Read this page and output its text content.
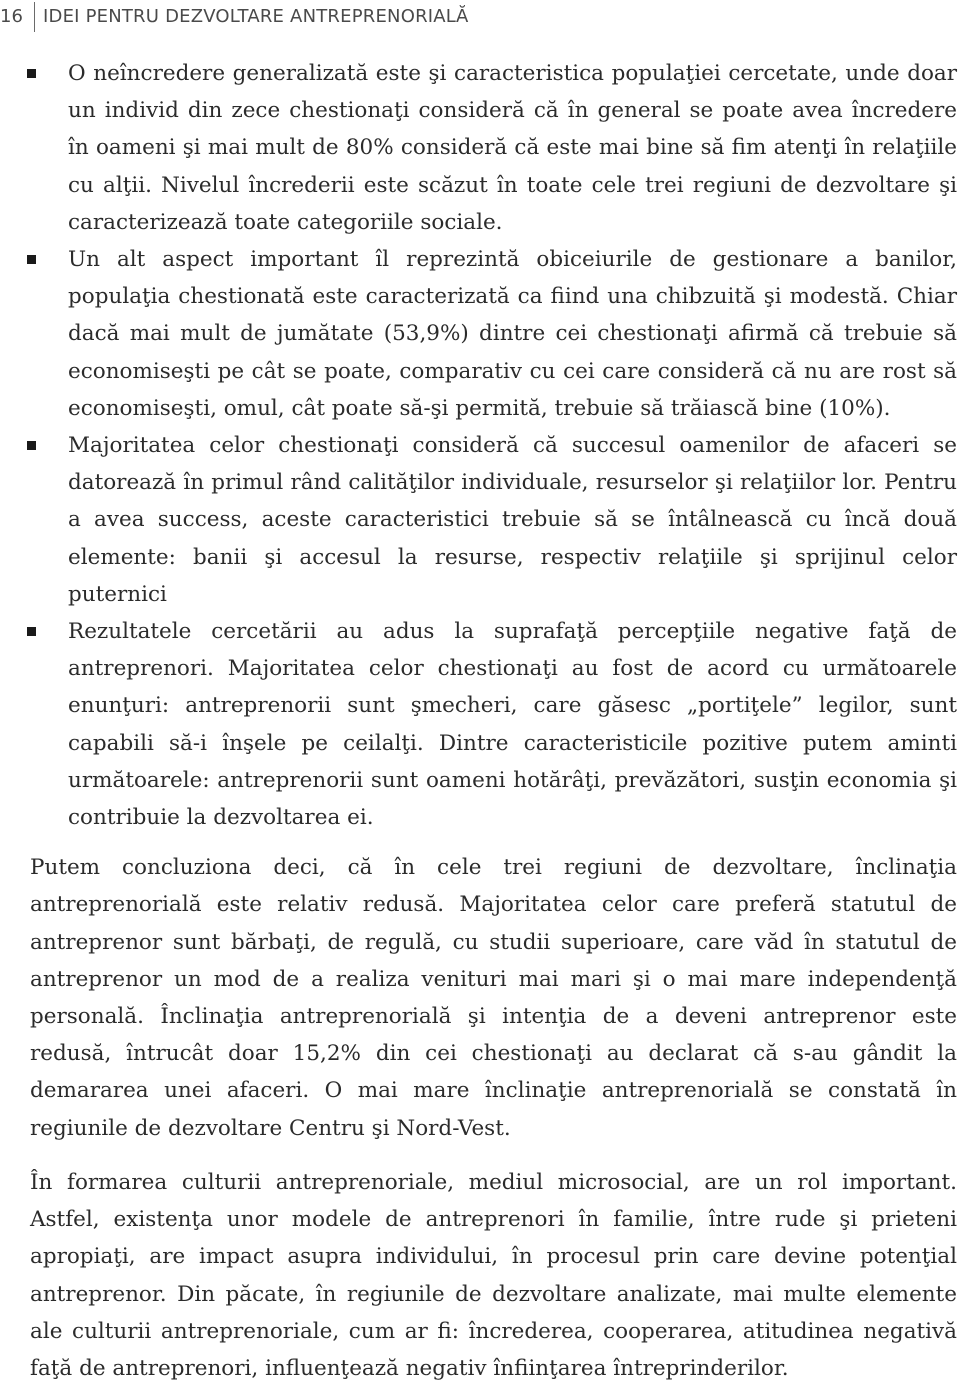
16	IDEI PENTRU DEZVOLTARE ANTREPRENORIALĂ
O neîncredere generalizată este şi caracteristica populaţiei cercetate, unde doar un individ din zece chestionaţi consideră că în general se poate avea încredere în oameni şi mai mult de 80% consideră că este mai bine să fim atenţi în relaţiile cu alţii. Nivelul încrederii este scăzut în toate cele trei regiuni de dezvoltare şi caracterizează toate categoriile sociale.
Un alt aspect important îl reprezintă obiceiurile de gestionare a banilor, populaţia chestionată este caracterizată ca fiind una chibzuită şi modestă. Chiar dacă mai mult de jumătate (53,9%) dintre cei chestionaţi afirmă că trebuie să economiseşti pe cât se poate, comparativ cu cei care consideră că nu are rost să economiseşti, omul, cât poate să-şi permită, trebuie să trăiască bine (10%).
Majoritatea celor chestionaţi consideră că succesul oamenilor de afaceri se datorează în primul rând calităţilor individuale, resurselor şi relaţiilor lor. Pentru a avea success, aceste caracteristici trebuie să se întâlnească cu încă două elemente: banii şi accesul la resurse, respectiv relaţiile şi sprijinul celor puternici
Rezultatele cercetării au adus la suprafaţă percepţiile negative faţă de antreprenori. Majoritatea celor chestionaţi au fost de acord cu următoarele enunţuri: antreprenorii sunt şmecheri, care găsesc „portiţele” legilor, sunt capabili să-i înşele pe ceilalţi. Dintre caracteristicile pozitive putem aminti următoarele: antreprenorii sunt oameni hotărâţi, prevăzători, susţin economia şi contribuie la dezvoltarea ei.

Putem concluziona deci, că în cele trei regiuni de dezvoltare, înclinaţia antreprenorială este relativ redusă. Majoritatea celor care preferă statutul de antreprenor sunt bărbaţi, de regulă, cu studii superioare, care văd în statutul de antreprenor un mod de a realiza venituri mai mari şi o mai mare independenţă personală. Înclinaţia antreprenorială şi intenţia de a deveni antreprenor este redusă, întrucât doar 15,2% din cei chestionaţi au declarat că s-au gândit la demararea unei afaceri. O mai mare înclinaţie antreprenorială se constată în regiunile de dezvoltare Centru şi Nord-Vest.

În formarea culturii antreprenoriale, mediul microsocial, are un rol important. Astfel, existenţa unor modele de antreprenori în familie, între rude şi prieteni apropiaţi, are impact asupra individului, în procesul prin care devine potenţial antreprenor. Din păcate, în regiunile de dezvoltare analizate, mai multe elemente ale culturii antreprenoriale, cum ar fi: încrederea, cooperarea, atitudinea negativă faţă de antreprenori, influenţează negativ înfiinţarea întreprinderilor.
